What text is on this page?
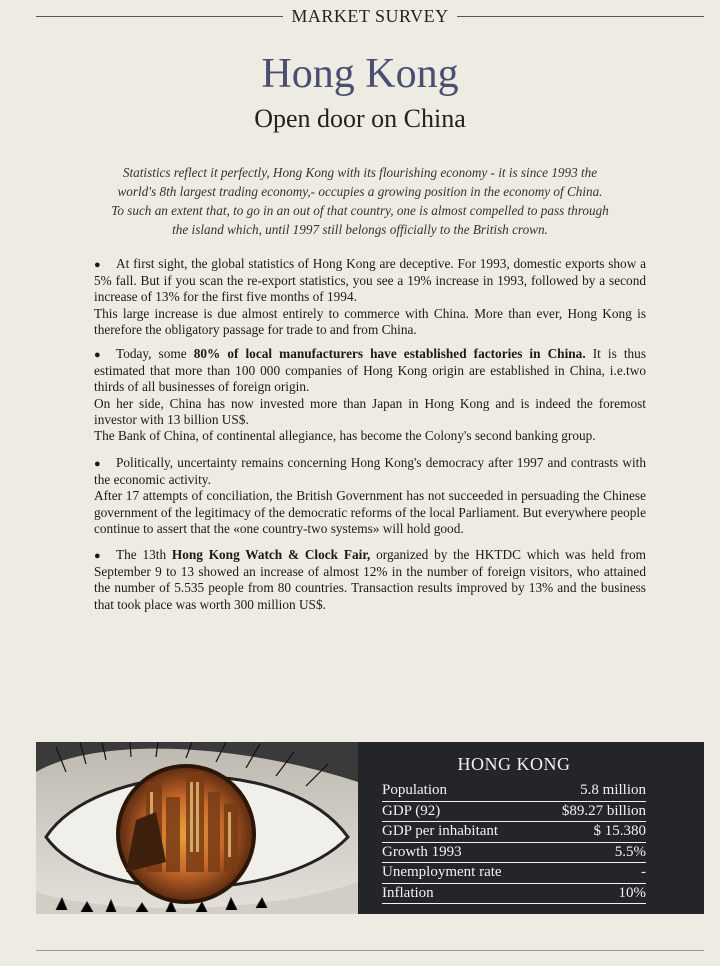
MARKET SURVEY
Hong Kong
Open door on China
Statistics reflect it perfectly, Hong Kong with its flourishing economy - it is since 1993 the
world's 8th largest trading economy,- occupies a growing position in the economy of China.
To such an extent that, to go in an out of that country, one is almost compelled to pass through
the island which, until 1997 still belongs officially to the British crown.

● At first sight, the global statistics of Hong Kong are deceptive. For 1993, domestic exports show a 5% fall. But if you scan the re-export statistics, you see a 19% increase in 1993, followed by a second increase of 13% for the first five months of 1994.

This large increase is due almost entirely to commerce with China. More than ever, Hong Kong is therefore the obligatory passage for trade to and from China.

● Today, some 80% of local manufacturers have established factories in China. It is thus estimated that more than 100 000 companies of Hong Kong origin are established in China, i.e.two thirds of all businesses of foreign origin.

On her side, China has now invested more than Japan in Hong Kong and is indeed the foremost investor with 13 billion US$.

The Bank of China, of continental allegiance, has become the Colony's second banking group.

● Politically, uncertainty remains concerning Hong Kong's democracy after 1997 and contrasts with the economic activity.

After 17 attempts of conciliation, the British Government has not succeeded in persuading the Chinese government of the legitimacy of the democratic reforms of the local Parliament. But everywhere people continue to assert that the «one country-two systems» will hold good.

● The 13th Hong Kong Watch & Clock Fair, organized by the HKTDC which was held from September 9 to 13 showed an increase of almost 12% in the number of foreign visitors, who attained the number of 5.535 people from 80 countries. Transaction results improved by 13% and the business that took place was worth 300 million US$.

HONG KONG
Population	5.8 million
GDP (92)	$89.27 billion
GDP per inhabitant	$ 15.380
Growth 1993	5.5%
Unemployment rate	-
Inflation	10%
